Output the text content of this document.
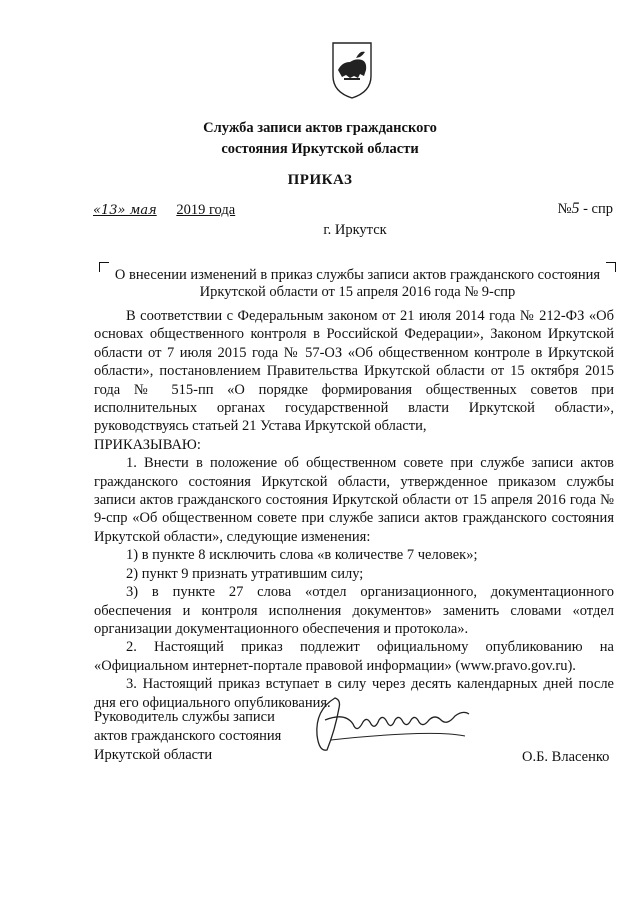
Служба записи актов гражданского
состояния Иркутской области
ПРИКАЗ
«13» мая 2019 года	№5 - спр
г. Иркутск
О внесении изменений в приказ службы записи актов гражданского состояния Иркутской области от 15 апреля 2016 года № 9-спр

В соответствии с Федеральным законом от 21 июля 2014 года № 212-ФЗ «Об основах общественного контроля в Российской Федерации», Законом Иркутской области от 7 июля 2015 года № 57-ОЗ «Об общественном контроле в Иркутской области», постановлением Правительства Иркутской области от 15 октября 2015 года № 515-пп «О порядке формирования общественных советов при исполнительных органах государственной власти Иркутской области», руководствуясь статьей 21 Устава Иркутской области,

ПРИКАЗЫВАЮ:

1. Внести в положение об общественном совете при службе записи актов гражданского состояния Иркутской области, утвержденное приказом службы записи актов гражданского состояния Иркутской области от 15 апреля 2016 года № 9-спр «Об общественном совете при службе записи актов гражданского состояния Иркутской области», следующие изменения:

1) в пункте 8 исключить слова «в количестве 7 человек»;

2) пункт 9 признать утратившим силу;

3) в пункте 27 слова «отдел организационного, документационного обеспечения и контроля исполнения документов» заменить словами «отдел организации документационного обеспечения и протокола».

2. Настоящий приказ подлежит официальному опубликованию на «Официальном интернет-портале правовой информации» (www.pravo.gov.ru).

3. Настоящий приказ вступает в силу через десять календарных дней после дня его официального опубликования.

Руководитель службы записи
актов гражданского состояния
Иркутской области	О.Б. Власенко
